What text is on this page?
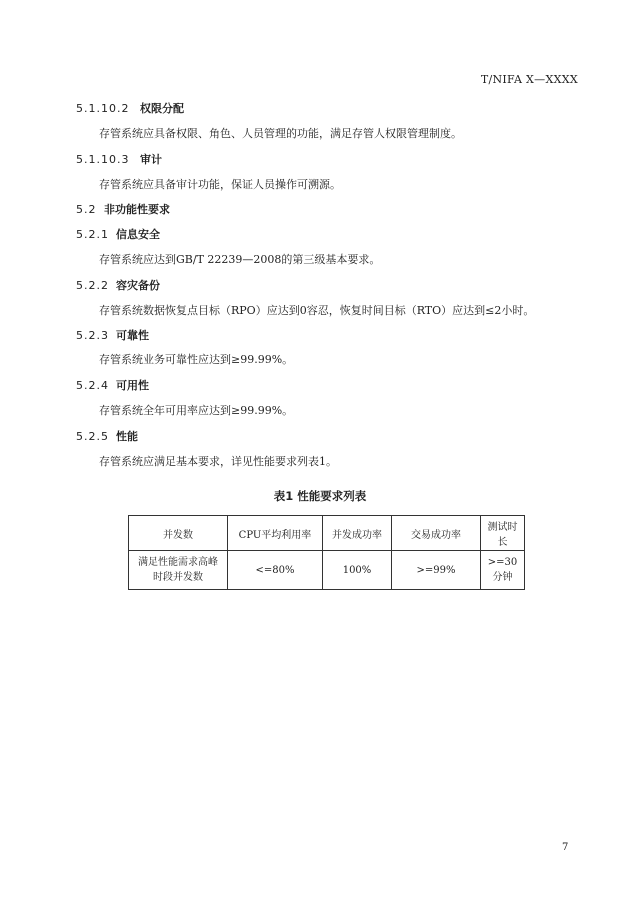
T/NIFA X—XXXX
5.1.10.2 权限分配
存管系统应具备权限、角色、人员管理的功能，满足存管人权限管理制度。
5.1.10.3 审计
存管系统应具备审计功能，保证人员操作可溯源。
5.2 非功能性要求
5.2.1 信息安全
存管系统应达到GB/T 22239—2008的第三级基本要求。
5.2.2 容灾备份
存管系统数据恢复点目标（RPO）应达到0容忍，恢复时间目标（RTO）应达到≤2小时。
5.2.3 可靠性
存管系统业务可靠性应达到≥99.99%。
5.2.4 可用性
存管系统全年可用率应达到≥99.99%。
5.2.5 性能
存管系统应满足基本要求，详见性能要求列表1。
表1 性能要求列表
并发数	CPU平均利用率	并发成功率	交易成功率	测试时长
满足性能需求高峰时段并发数	<=80%	100%	>=99%	>=30分钟
7
